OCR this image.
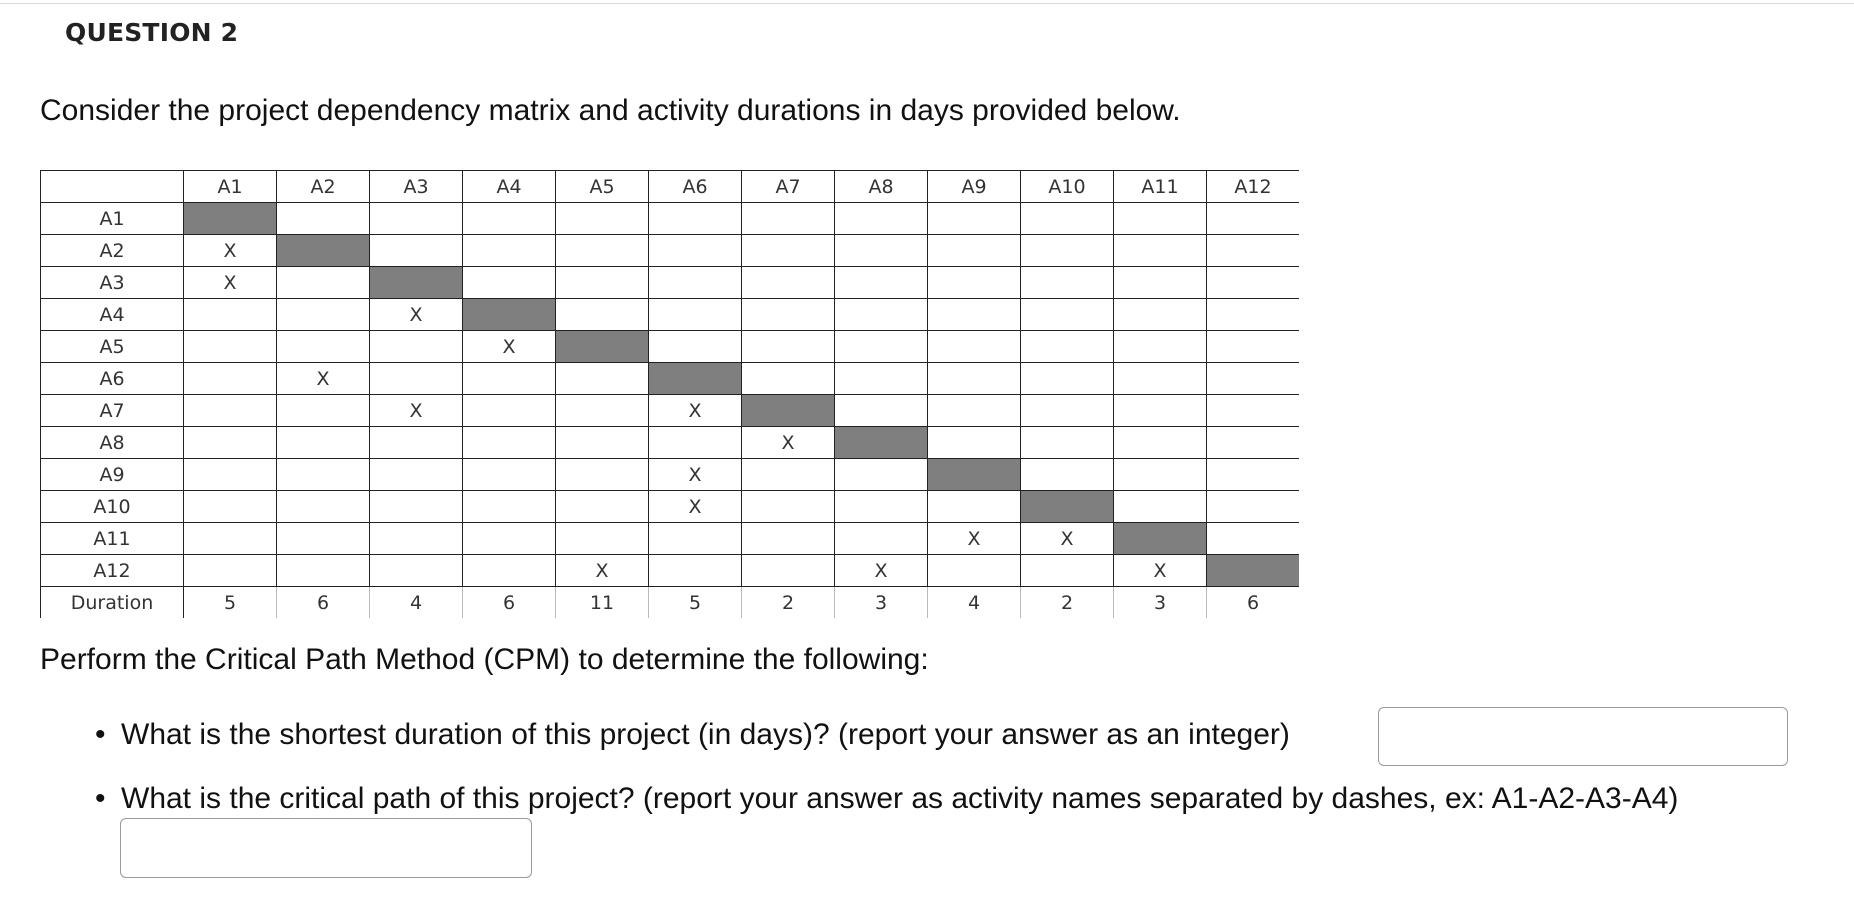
QUESTION 2
Consider the project dependency matrix and activity durations in days provided below.
	A1	A2	A3	A4	A5	A6	A7	A8	A9	A10	A11	A12
A1												
A2	X											
A3	X											
A4			X									
A5				X								
A6		X										
A7			X			X						
A8							X					
A9						X						
A10						X						
A11									X	X		
A12					X			X			X	
Duration	5	6	4	6	11	5	2	3	4	2	3	6
Perform the Critical Path Method (CPM) to determine the following:
• What is the shortest duration of this project (in days)? (report your answer as an integer)
• What is the critical path of this project? (report your answer as activity names separated by dashes, ex: A1-A2-A3-A4)
